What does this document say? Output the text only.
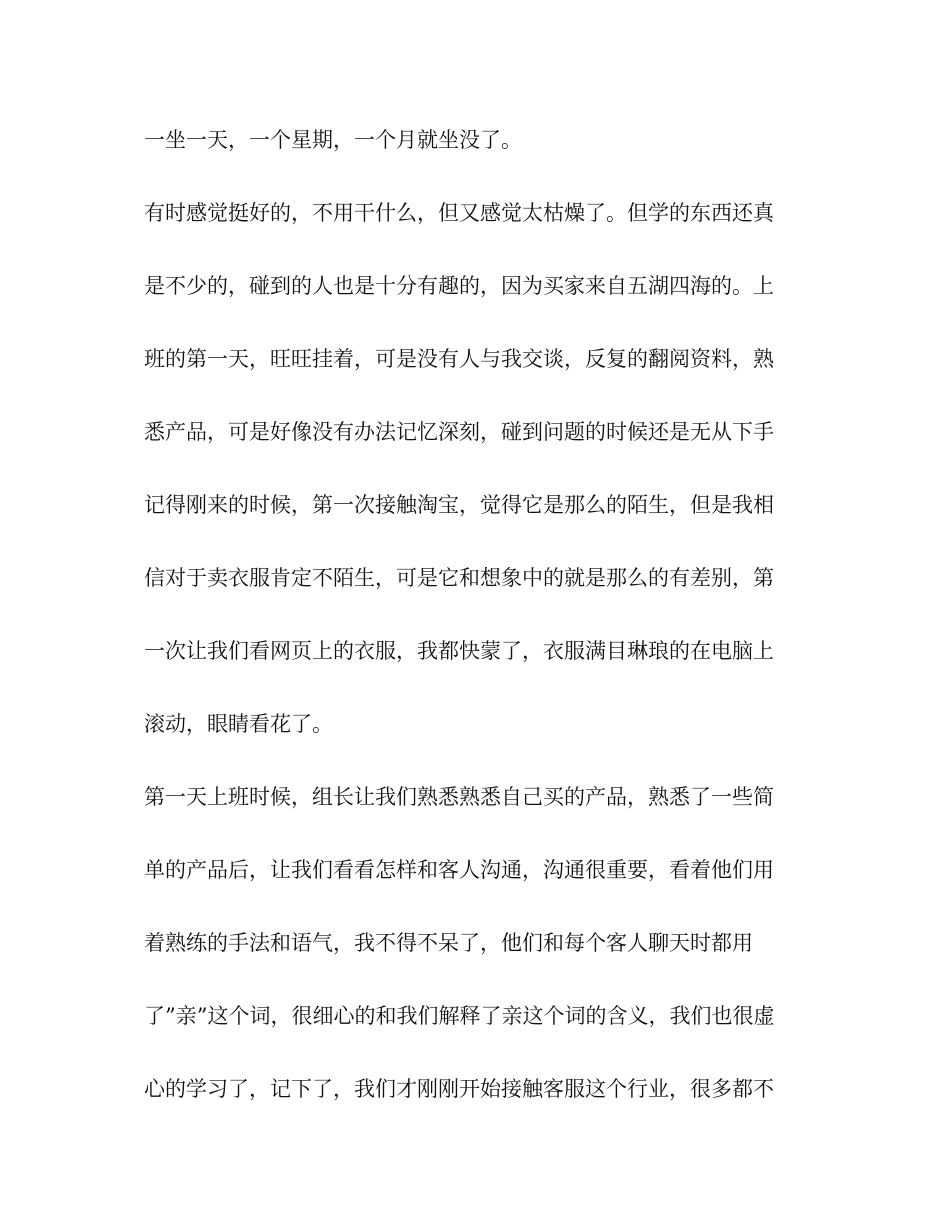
一坐一天，一个星期，一个月就坐没了。
有时感觉挺好的，不用干什么，但又感觉太枯燥了。但学的东西还真
是不少的，碰到的人也是十分有趣的，因为买家来自五湖四海的。上
班的第一天，旺旺挂着，可是没有人与我交谈，反复的翻阅资料，熟
悉产品，可是好像没有办法记忆深刻，碰到问题的时候还是无从下手
记得刚来的时候，第一次接触淘宝，觉得它是那么的陌生，但是我相
信对于卖衣服肯定不陌生，可是它和想象中的就是那么的有差别，第
一次让我们看网页上的衣服，我都快蒙了，衣服满目琳琅的在电脑上
滚动，眼睛看花了。
第一天上班时候，组长让我们熟悉熟悉自己买的产品，熟悉了一些简
单的产品后，让我们看看怎样和客人沟通，沟通很重要，看着他们用
着熟练的手法和语气，我不得不呆了，他们和每个客人聊天时都用
了”亲”这个词，很细心的和我们解释了亲这个词的含义，我们也很虚
心的学习了，记下了，我们才刚刚开始接触客服这个行业，很多都不
